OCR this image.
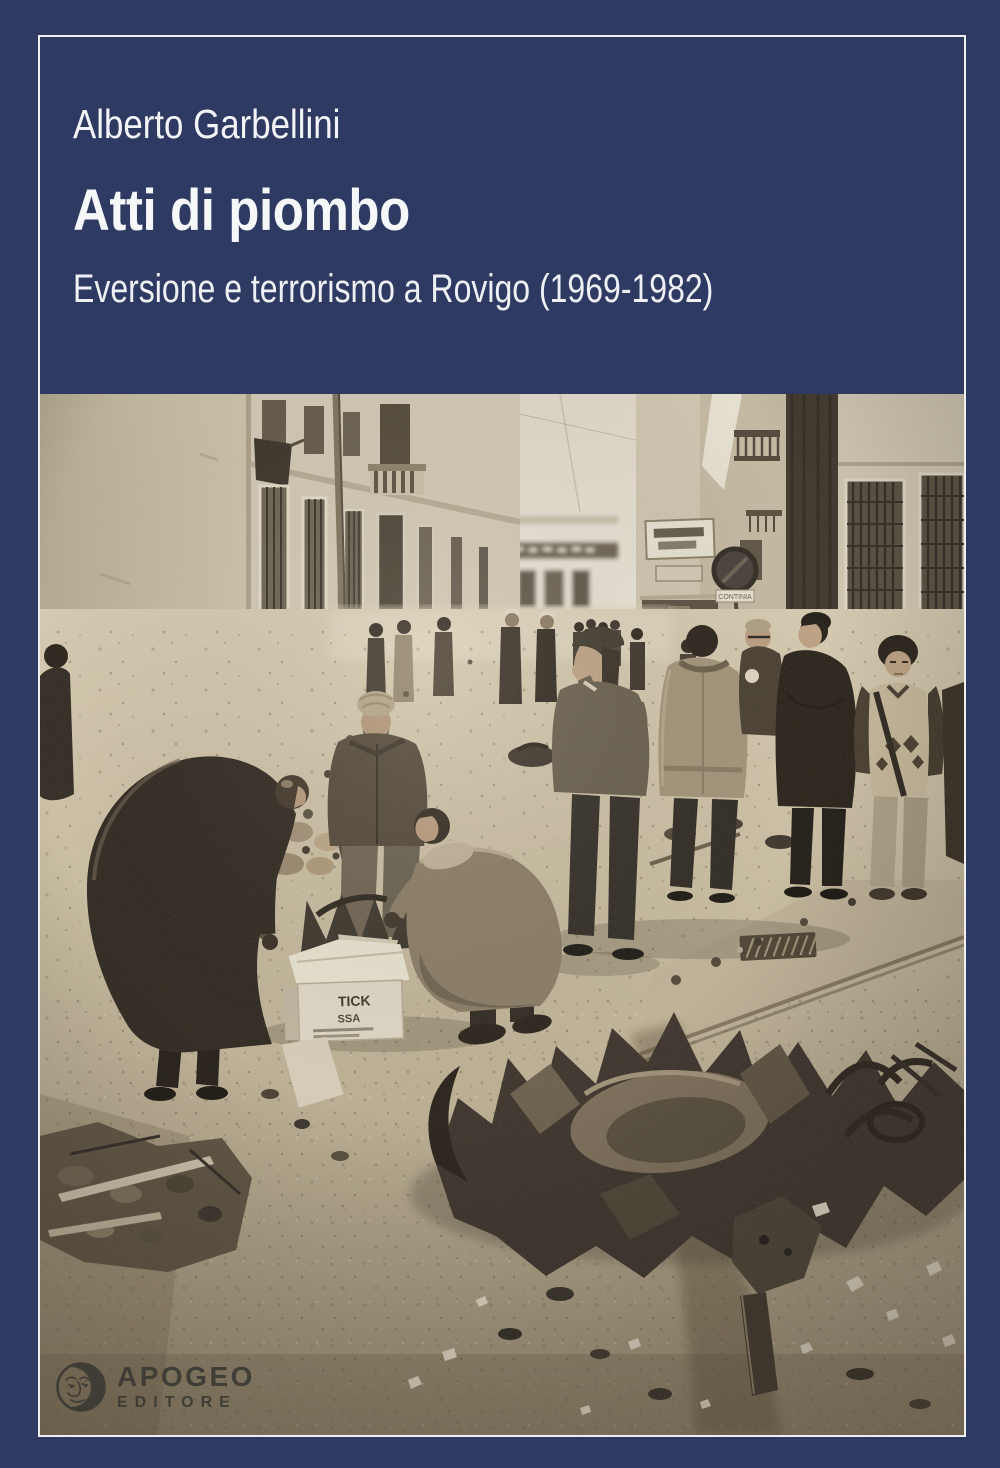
Alberto Garbellini
Atti di piombo
Eversione e terrorismo a Rovigo (1969-1982)
APOGEO
EDITORE
